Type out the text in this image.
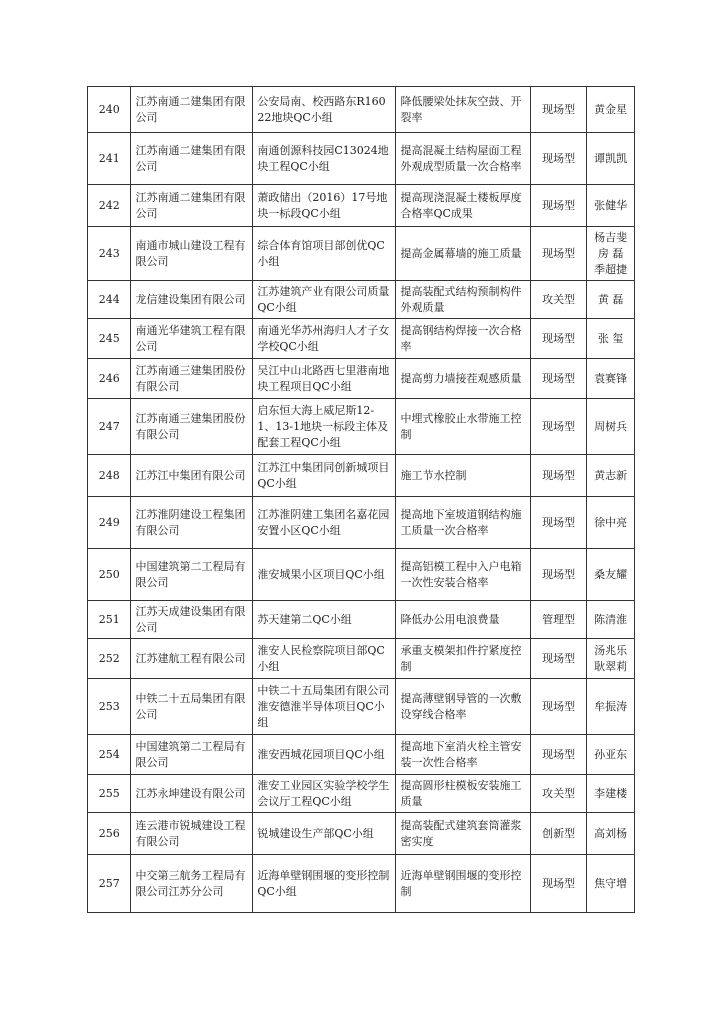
240	江苏南通二建集团有限公司	公安局南、校西路东R16022地块QC小组	降低腰梁处抹灰空鼓、开裂率	现场型	黄金星
241	江苏南通二建集团有限公司	南通创源科技园C13024地块工程QC小组	提高混凝土结构屋面工程外观成型质量一次合格率	现场型	谭凯凯
242	江苏南通二建集团有限公司	萧政储出（2016）17号地块一标段QC小组	提高现浇混凝土楼板厚度合格率QC成果	现场型	张健华
243	南通市城山建设工程有限公司	综合体育馆项目部创优QC小组	提高金属幕墙的施工质量	现场型	杨吉斐 房 磊 季超捷
244	龙信建设集团有限公司	江苏建筑产业有限公司质量QC小组	提高装配式结构预制构件外观质量	攻关型	黄 磊
245	南通光华建筑工程有限公司	南通光华苏州海归人才子女学校QC小组	提高钢结构焊接一次合格率	现场型	张 玺
246	江苏南通三建集团股份有限公司	吴江中山北路西七里港南地块工程项目QC小组	提高剪力墙接茬观感质量	现场型	袁赛锋
247	江苏南通三建集团股份有限公司	启东恒大海上威尼斯12-1、13-1地块一标段主体及配套工程QC小组	中埋式橡胶止水带施工控制	现场型	周树兵
248	江苏江中集团有限公司	江苏江中集团同创新城项目QC小组	施工节水控制	现场型	黄志新
249	江苏淮阴建设工程集团有限公司	江苏淮阴建工集团名嘉花园安置小区QC小组	提高地下室坡道钢结构施工质量一次合格率	现场型	徐中亮
250	中国建筑第二工程局有限公司	淮安城果小区项目QC小组	提高铝模工程中入户电箱一次性安装合格率	现场型	桑友耀
251	江苏天成建设集团有限公司	苏天建第二QC小组	降低办公用电浪费量	管理型	陈清淮
252	江苏建航工程有限公司	淮安人民检察院项目部QC小组	承重支模架扣件拧紧度控制	现场型	汤兆乐 耿翠莉
253	中铁二十五局集团有限公司	中铁二十五局集团有限公司淮安德淮半导体项目QC小组	提高薄壁钢导管的一次敷设穿线合格率	现场型	牟振涛
254	中国建筑第二工程局有限公司	淮安西城花园项目QC小组	提高地下室消火栓主管安装一次性合格率	现场型	孙亚东
255	江苏永坤建设有限公司	淮安工业园区实验学校学生会议厅工程QC小组	提高圆形柱模板安装施工质量	攻关型	李建楼
256	连云港市锐城建设工程有限公司	锐城建设生产部QC小组	提高装配式建筑套筒灌浆密实度	创新型	高刘杨
257	中交第三航务工程局有限公司江苏分公司	近海单壁钢围堰的变形控制QC小组	近海单壁钢围堰的变形控制	现场型	焦守增
